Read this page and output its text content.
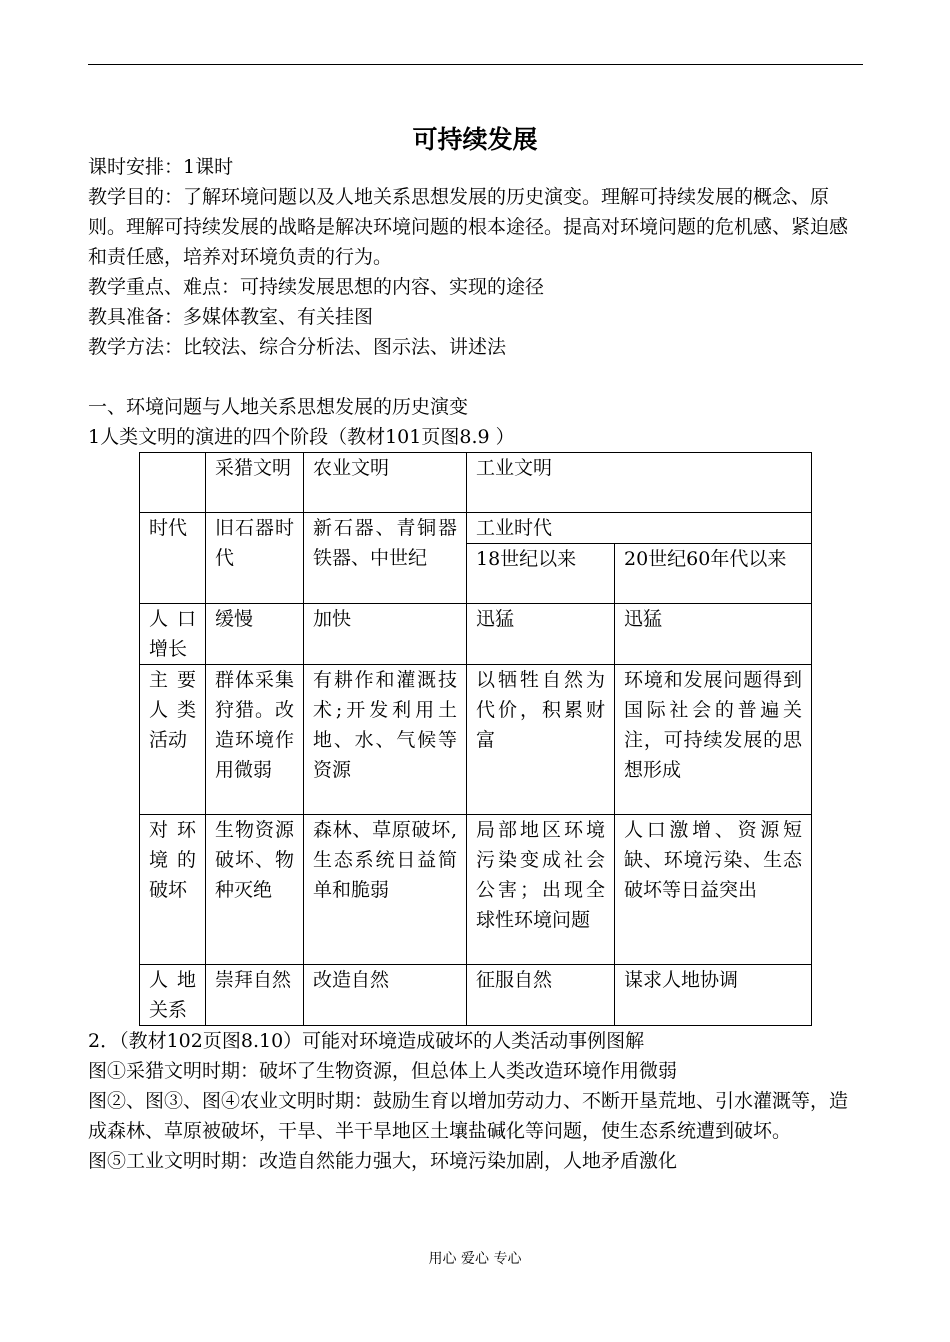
可持续发展

课时安排：1课时

教学目的：了解环境问题以及人地关系思想发展的历史演变。理解可持续发展的概念、原则。理解可持续发展的战略是解决环境问题的根本途径。提高对环境问题的危机感、紧迫感和责任感，培养对环境负责的行为。

教学重点、难点：可持续发展思想的内容、实现的途径

教具准备：多媒体教室、有关挂图

教学方法：比较法、综合分析法、图示法、讲述法

一、环境问题与人地关系思想发展的历史演变

1人类文明的演进的四个阶段（教材101页图8.9 ）

	采猎文明	农业文明	工业文明	
时代	旧石器时代	新石器、青铜器铁器、中世纪	工业时代	
			18世纪以来	20世纪60年代以来
人口增长	缓慢	加快	迅猛	迅猛
主要人类活动	群体采集狩猎。改造环境作用微弱	有耕作和灌溉技术;开发利用土地、水、气候等资源	以牺牲自然为代价，积累财富	环境和发展问题得到国际社会的普遍关注，可持续发展的思想形成
对环境的破坏	生物资源破坏、物种灭绝	森林、草原破坏,生态系统日益简单和脆弱	局部地区环境污染变成社会公害；出现全球性环境问题	人口激增、资源短缺、环境污染、生态破坏等日益突出
人地关系	崇拜自然	改造自然	征服自然	谋求人地协调

2．（教材102页图8.10）可能对环境造成破坏的人类活动事例图解

图①采猎文明时期：破坏了生物资源，但总体上人类改造环境作用微弱

图②、图③、图④农业文明时期：鼓励生育以增加劳动力、不断开垦荒地、引水灌溉等，造成森林、草原被破坏，干旱、半干旱地区土壤盐碱化等问题，使生态系统遭到破坏。

图⑤工业文明时期：改造自然能力强大，环境污染加剧，人地矛盾激化

用心 爱心 专心
